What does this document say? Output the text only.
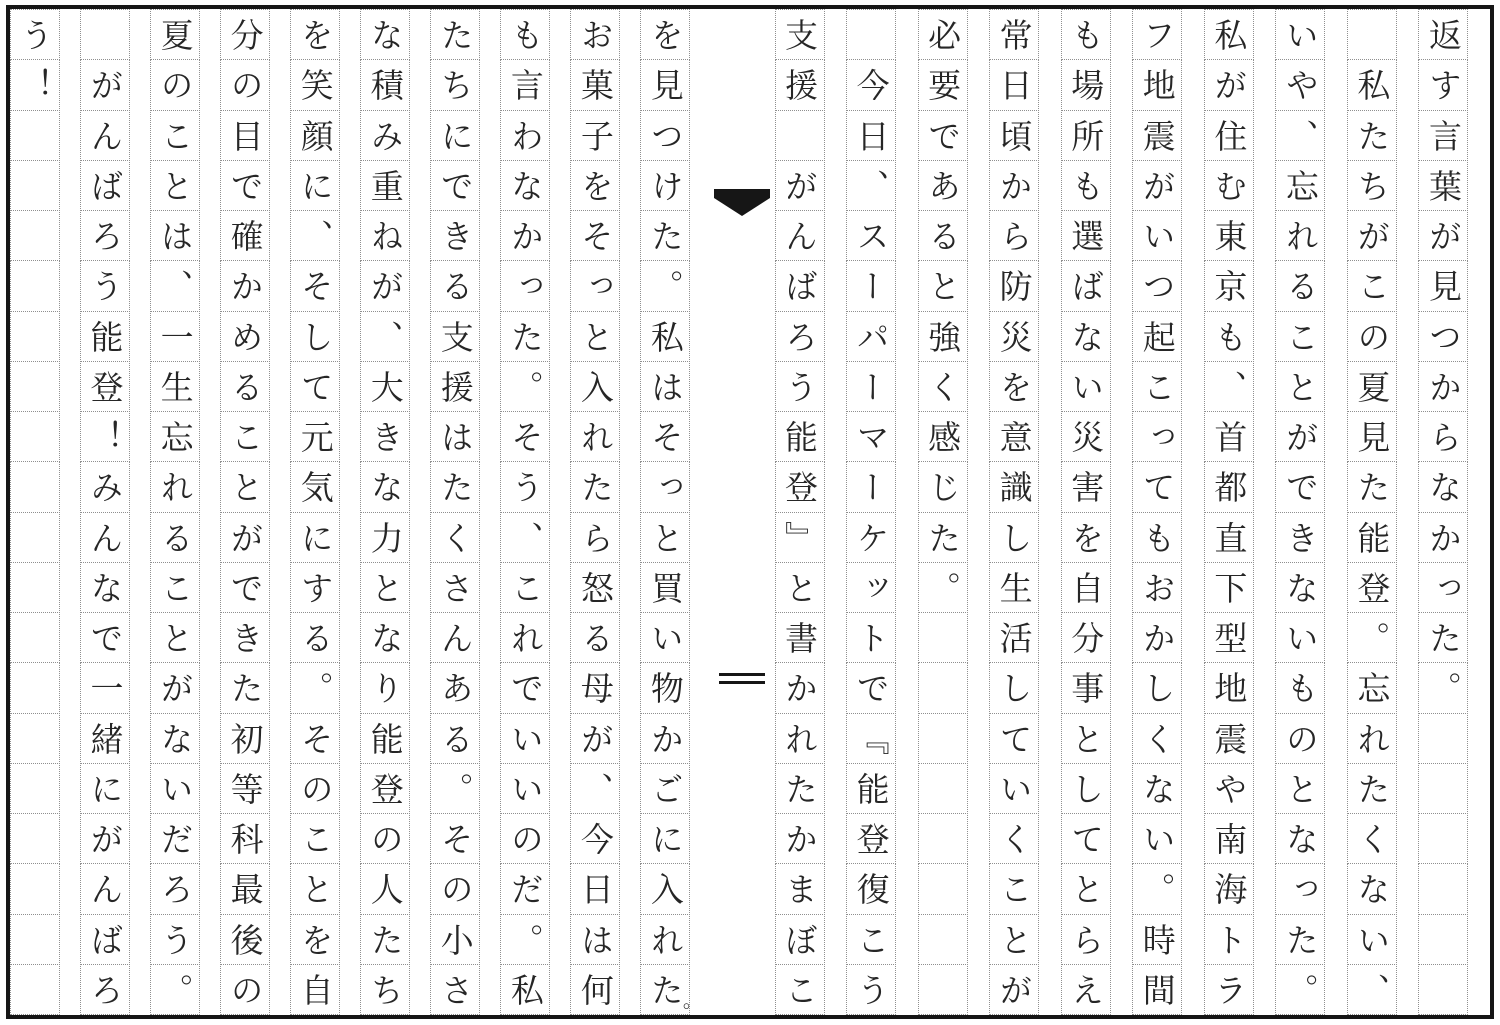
を
見
つ
け
た
。
私
は
そ
っ
と
買
い
物
か
ご
に
入
れ
た
。
お
菓
子
を
そ
っ
と
入
れ
た
ら
怒
る
母
が
、
今
日
は
何
も
言
わ
な
か
っ
た
。
そ
う
、
こ
れ
で
い
い
の
だ
。
私
た
ち
に
で
き
る
支
援
は
た
く
さ
ん
あ
る
。
そ
の
小
さ
な
積
み
重
ね
が
、
大
き
な
力
と
な
り
能
登
の
人
た
ち
を
笑
顔
に
、
そ
し
て
元
気
に
す
る
。
そ
の
こ
と
を
自
分
の
目
で
確
か
め
る
こ
と
が
で
き
た
初
等
科
最
後
の
夏
の
こ
と
は
、
一
生
忘
れ
る
こ
と
が
な
い
だ
ろ
う
。
が
ん
ば
ろ
う
能
登
！
み
ん
な
で
一
緒
に
が
ん
ば
ろ
う
！
返
す
言
葉
が
見
つ
か
ら
な
か
っ
た
。
私
た
ち
が
こ
の
夏
見
た
能
登
。
忘
れ
た
く
な
い
、
い
や
、
忘
れ
る
こ
と
が
で
き
な
い
も
の
と
な
っ
た
。
私
が
住
む
東
京
も
、
首
都
直
下
型
地
震
や
南
海
ト
ラ
フ
地
震
が
い
つ
起
こ
っ
て
も
お
か
し
く
な
い
。
時
間
も
場
所
も
選
ば
な
い
災
害
を
自
分
事
と
し
て
と
ら
え
常
日
頃
か
ら
防
災
を
意
識
し
生
活
し
て
い
く
こ
と
が
必
要
で
あ
る
と
強
く
感
じ
た
。
今
日
、
ス
ー
パ
ー
マ
ー
ケ
ッ
ト
で
『
能
登
復
こ
う
支
援
が
ん
ば
ろ
う
能
登
』
と
書
か
れ
た
か
ま
ぼ
こ
